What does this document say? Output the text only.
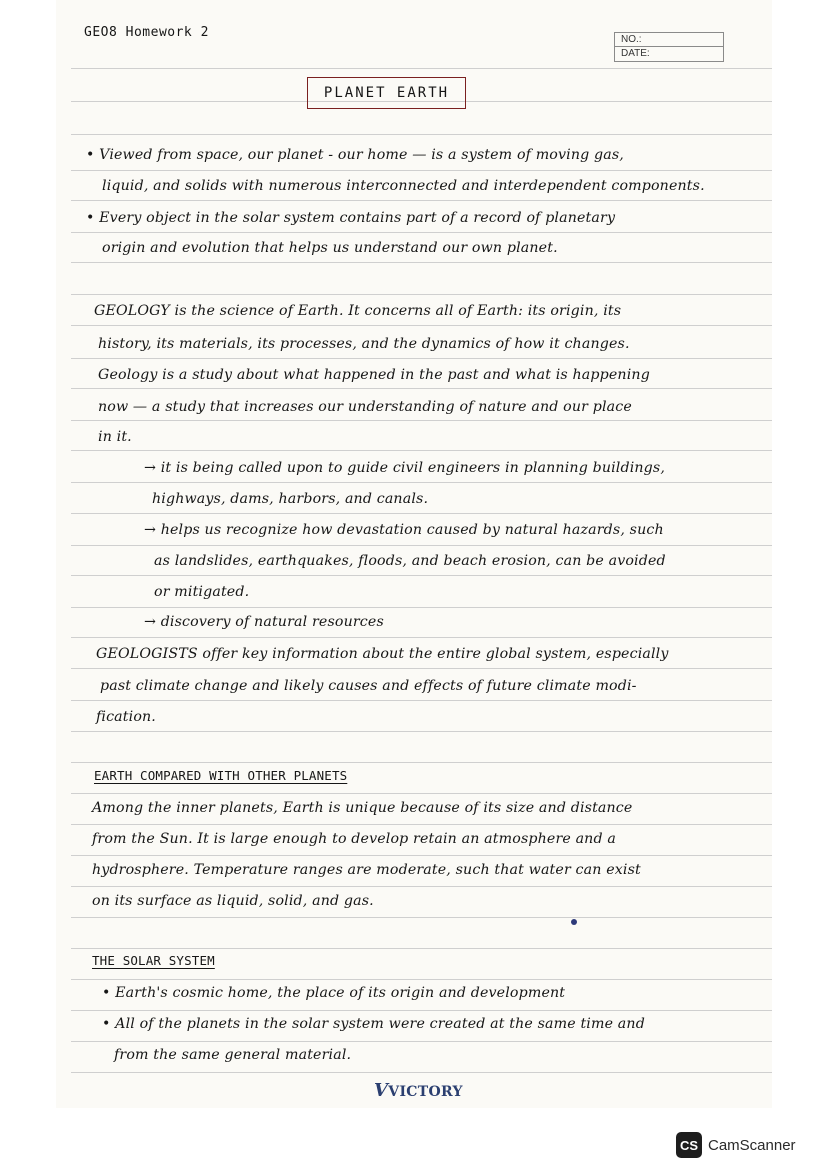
GEO8 Homework 2	NO.:
DATE:
PLANET EARTH
• Viewed from space, our planet - our home — is a system of moving gas,
liquid, and solids with numerous interconnected and interdependent components.
• Every object in the solar system contains part of a record of planetary
origin and evolution that helps us understand our own planet.
GEOLOGY is the science of Earth. It concerns all of Earth: its origin, its
history, its materials, its processes, and the dynamics of how it changes.
Geology is a study about what happened in the past and what is happening
now — a study that increases our understanding of nature and our place
in it.
→ it is being called upon to guide civil engineers in planning buildings,
highways, dams, harbors, and canals.
→ helps us recognize how devastation caused by natural hazards, such
as landslides, earthquakes, floods, and beach erosion, can be avoided
or mitigated.
→ discovery of natural resources
GEOLOGISTS offer key information about the entire global system, especially
past climate change and likely causes and effects of future climate modi-
fication.
EARTH COMPARED WITH OTHER PLANETS
Among the inner planets, Earth is unique because of its size and distance
from the Sun. It is large enough to develop retain an atmosphere and a
hydrosphere. Temperature ranges are moderate, such that water can exist
on its surface as liquid, solid, and gas.
THE SOLAR SYSTEM
• Earth's cosmic home, the place of its origin and development
• All of the planets in the solar system were created at the same time and
from the same general material.
VVICTORY
CS CamScanner
